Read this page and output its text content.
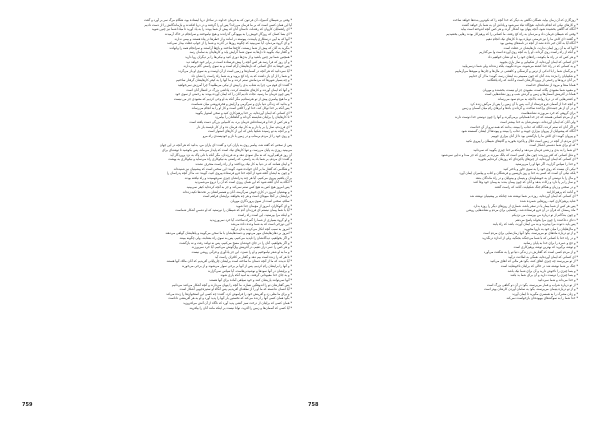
* وقتی بر شیطانِ آدمیزاد، آن فرعون که به فرمان خداوند در ساحلِ دریا ایستاده بود، هنگام مرگ سر بر آورد و گفت
آیا این همان کسی است که بر ما فرمان می‌راند؟ پس او را گرفتند و در دریا افکندند و بازماندگانش را از دست دادیم
* ای راهنمایان کاروان که رفته‌اند، داستانِ آنان که پیش از شما بودند را به یاد آورید تا مبادا شما نیز چنین شوید
* ای بسا کسان که روزگارِ خویش را به بیهودگی گذراندند و هیچ نیاموختند و سرانجام در خاک آرمیدند
* آنها که به آیین درستکاری پایبندند، پیوسته در امانند و از خطرها در پناه هستند و بیمی ندارند
* و ای گروه مردمان، آیا نمی‌بینید که چگونه روزها در گذرند و شما را از خوابِ غفلت بیدار نمی‌کنند
* بنگرید به آنان که پیش از شما زیستند، کاخ‌ها ساختند و باغ‌ها آراستند و سرانجام همه را وانهادند
* و گفتار نیک بگویید تا دل‌ها به سوی شما گرایش یابد و کارهایتان به سامان رسد
* همچنین شما نیز چنین باشید و از بدی‌ها دوری کنید و نیکی‌ها را بر دیگران روا دارید
* و آن روز که فرا رسد هر کس آنچه را پیش فرستاده است در برابر خود خواهد دید
* پس خوشا به حالِ کسانی که دل‌هایشان آرام است و به سوی راستی گام برمی‌دارند
* آیا نمی‌دانید که هر آنچه در آسمان‌ها و زمین است از آنِ اوست و به سوی او باز می‌گردد
* و شما را از آن باز داشت که به راه کج بروید و به شما راه راست را نشان داد
* و چه بسیار شهرها که مردمانش ستم کردند و ما آنها را به کیفرِ کارهایشان گرفتار ساختیم
* گفت: ای قوم من، چرا به شتاب بدی را پیش از نیکی می‌طلبید؟ چرا آمرزش نمی‌خواهید
* و آنها که ایمان آوردند و کارهای شایسته کردند، پاداشی بزرگ در انتظار آنان است
* پس چون فرمان ما رسید، نجات دادیم آنان را که ایمان آورده بودند به رحمتی از سوی خود
* و ما هیچ پیامبری پیش از تو نفرستادیم مگر آنکه به او وحی کردیم که معبودی جز من نیست
* و بدانید که زندگی دنیا بازی و سرگرمی و آرایش و فخرفروشی میان شماست
* پس آنکه بر خدا توکل کند، خدا او را کافی است و کار او را به انجام می‌رساند
* ای کسانی که ایمان آورده‌اید، بر خدا پرهیزکاری کنید و سخنِ استوار بگویید
* تا کارهایتان را برایتان شایسته گرداند و گناهانتان را بیامرزد
* و هر کس از خدا و فرستاده‌اش فرمان برد، به کامیابی بزرگی دست یافته است
* ای فرزندم، نماز را بر پا دار و به کار نیک فرمان ده و از کار ناپسند باز دار
* و بر آنچه به تو رسیده شکیبا باش که این از کارهای استوار است
* و روی خود را از مردم برمتاب و در زمین با ناز و خودپسندی راه مرو
پس از سخنی که گفته شد، پیامبر روی به یاران کرد و گفت: ای یاران من، بدانید که هر آنچه در این جهان
می‌بینید روزی به پایان می‌رسد، و تنها کارهای نیک است که پایدار می‌ماند. پس بکوشید تا توشه‌ای برای
آن روز فراهم آورید که نه مال سودی دهد و نه فرزندان، مگر آنکه با دلی پاک به نزد پروردگار آید
و گفت: ای مردم، بر شما باد به راستی، که راستی به نیکوکاری راه می‌نماید و نیکوکاری به بهشت
* و اینان همانند که در دنیا به کار نیک پرداختند و از راه راست منحرف نشدند
* و هنگامی که گفتار ما بر آنان خوانده شود، گویند: این سخنی است که پیشینیان نیز شنیده‌اند
* و چون به ایشان گفته شود از آنچه خدا فرو فرستاده پیروی کنید، گویند: نه، ما از آنچه پدرانمان را
بر آن یافتیم پیروی می‌کنیم. آیا هر چند پدرانشان چیزی نمی‌فهمیدند و راه نیافته بودند
* آنگاه به آنان گفته شود که این همان روزی است که آن را دروغ می‌شمردید
* پس امروز هیچ کس به هیچ کس ستم نمی‌کند و جز به آنچه کرده‌اید کیفر نمی‌بینید
* و بهشتیان امروز در کاری خوش سرگرمند، آنان و همسرانشان بر تخت‌ها تکیه زده‌اند
* برایشان در آنجا میوه‌ای است و هر چه بخواهند برایشان فراهم است
* سلام، سخنی است از سوی پروردگاری مهربان
* و ای گنهکاران، امروز از مؤمنان جدا شوید
* آیا با شما پیمان نبستم ای فرزندان آدم که شیطان را نپرستید که او دشمنِ آشکار شماست
* و اینکه مرا بپرستید، این است راه راست
* و او گروه بسیاری از شما را گمراه ساخت، آیا خرد نمی‌ورزیدید
* این دوزخی است که به شما وعده داده می‌شد
* امروز به سبب آنچه انکار می‌کردید بدان درآیید
* امروز بر دهان‌هایشان مهر می‌نهیم و دست‌هایشان با ما سخن می‌گویند و پاهایشان گواهی می‌دهند
* و اگر بخواهیم، دیدگانشان را ناپدید می‌کنیم، پس به سوی راه بشتابند، ولی چگونه ببینند
* و اگر بخواهیم، آنان را در جای خودشان مسخ می‌کنیم، پس نه توانند رفت و نه بازگشت
* و هر کس را عمر دراز دهیم، در آفرینش واژگونش می‌کنیم، آیا خرد نمی‌ورزند
* و ما به او شعر نیاموختیم و او را نسزد، این جز یادآوری و قرآنی روشن نیست
* تا هر که را زنده است بیم دهد و گفتار بر کافران راست آید
* آیا ندیدند که ما از آنچه دستان ما ساخته است برایشان چارپایانی آفریدیم که آنان مالک آنها هستند
* و آنها را برایشان رام کردیم، پس از آنها بر برخی سوار می‌شوند و از برخی می‌خورند
* و برایشان در آنها سودها و نوشیدنی‌هاست، آیا سپاس نمی‌گزارند
* و به جای خدا معبودانی گرفتند، به امید آنکه یاری شوند
* آنها نمی‌توانند یاریشان کنند و خود سپاهی آماده برای آنها هستند
* پس گفتارشان تو را اندوهگین نسازد، ما آنچه را پنهان می‌دارند و آنچه آشکار می‌کنند می‌دانیم
* آیا انسان ندانسته که ما او را از نطفه‌ای آفریدیم، پس آنگاه او ستیزه‌جویی آشکار است
* و برای ما مثلی زد و آفرینش خود را فراموش کرد، گفت: چه کسی این استخوان‌ها را زنده می‌کند
* بگو: همان کسی آنها را زنده می‌کند که نخستین بار آنها را پدید آورد و او به هر آفرینشی داناست
* همان کسی که برایتان از درخت سبز آتشی پدید آورد که ناگاه از آن آتش می‌افروزید
* آیا کسی که آسمان‌ها و زمین را آفرید، توانا نیست بر اینکه مانند آنان را بیافریند
759
* روزگاری که آن زمان بیاید، همگان نگاهی به دیگر که خدا آنچه را که نکوترین بنده‌ها خواهد ساخت
* و کارهای نیکی که انجام داده‌اید، هیچ‌گاه تباه نمی‌شود و پاداش آن به شما باز خواهد گشت
* آنگاه که آگاهی بخشیده شود، آنچه پنهان بود آشکار گردد و هر کس آنچه اندوخته است بیابد
* وقتی که شیطان فرمان داد و مردمان به راه کج رفتند، ما کسانی را که پرهیزکار بودند رهایی بخشیدیم
* و گفتند: ای کاش ما را نیز فرصتی دوباره بود تا کارهای نیک انجام دهیم
* آنگاه آیا به آنان خبر داده نشد از آنچه در نامه‌های پیشین بود
* آنها که به آن روز ایمان ندارند، دل‌هایشان در غفلت است
* و آنکه از راه راست روی گرداند، او را به آنچه روی آورده است وا می‌گذاریم
* و هر کس که در راه ما بکوشد، راه‌های خود را به او نشان خواهیم داد
* ای کسانی که ایمان آورده‌اید، از شکیبایی و نماز یاری بجویید
* و به کسانی که در راه خدا کشته می‌شوند، مرده نگویید، بلکه زنده‌اند ولی شما درنمی‌یابید
* و بی‌گمان شما را با اندکی از ترس و گرسنگی و کاهشی در مال‌ها و جان‌ها و میوه‌ها می‌آزماییم
* و شکیبایان را مژده بده، آنان که چون مصیبتی به ایشان رسد، گویند: ما از آنِ خداییم
* بر آنان درودها و رحمتی از پروردگارشان است و آنانند که راه یافتگانند
* همانا صفا و مروه از نشانه‌های خداست
* و معبود شما معبودی یگانه است، معبودی جز او نیست، بخشنده و مهربان
* همانا در آفرینش آسمان‌ها و زمین و گردش شب و روز نشانه‌هایی است
* و کشتی‌هایی که در دریا روانند با آنچه به مردم سود می‌رساند
* و آنچه خدا از آسمان فرو فرستاد از آب، پس با آن زمین را پس از مرگش زنده کرد
* و در آن از هر جنبنده‌ای پراکنده ساخت، و گرداندن بادها و ابرهای رام میان آسمان و زمین
* برای گروهی که خرد می‌ورزند نشانه‌هاست
* و از مردم کسانی هستند که جز خدا همتایانی برمی‌گیرند و آنها را چون دوستی خدا دوست دارند
* ولی آنان که ایمان آورده‌اند، دوستی‌شان به خدا بیشتر است
* و اگر آنان که ستم کردند، آنگاه که عذاب را ببینند، بدانند که همه نیرو از آنِ خداست
* آنگاه که پیشوایان از پیروان بیزاری جویند و عذاب را ببینند و پیوندها از ایشان گسسته شود
* و پیروان گویند: ای کاش ما را بازگشتی بود تا از آنان بیزاری جوییم
* ای مردم، از آنچه در زمین است حلال و پاکیزه بخورید و گام‌های شیطان را پیروی نکنید
* که او برای شما دشمنی آشکار است
* او شما را به بدی و زشتی فرمان می‌دهد و اینکه بر خدا چیزی بگویید که نمی‌دانید
* و مَثَلِ کسانی که کفر ورزیدند چون مثل کسی است که بانگ می‌زند بر چیزی که جز صدا و ندایی نمی‌شنود
* ای کسانی که ایمان آورده‌اید، از چیزهای پاکیزه‌ای که روزیتان کرده‌ایم بخورید
* و خدا را سپاس گزارید، اگر تنها او را می‌پرستید
* نیکی آن نیست که روی خود را به سوی خاور و باختر کنید
* بلکه نیکی آن است که کسی به خدا و روز بازپسین و فرشتگان و کتاب و پیامبران ایمان آورد
* و مال را با دوستی آن به خویشاوندان و یتیمان و بینوایان و در راه ماندگان بدهد
* و نماز را بر پا دارد و زکات بدهد و آنان که چون پیمان بندند به پیمان خود وفا کنند
* و در سختی و زیان و هنگام جنگ شکیبایند، آنانند که راست گفتند
* و آنانند که پرهیزکارانند
* ای کسانی که ایمان آورده‌اید، روزه بر شما نوشته شد چنانکه بر پیشینیان نوشته شد
* شاید پرهیزکاری کنید، روزهایی شمرده شده
* پس هر کس از شما بیمار یا در سفر باشد، شماری از روزهای دیگر را روزه بدارد
* ماه رمضان که قرآن در آن فرو فرستاده شد، راهنمایی برای مردم و نشانه‌هایی روشن
* و چون بندگانم از تو درباره من بپرسند، من نزدیکم
* دعای دعاکننده را چون مرا بخواند پاسخ می‌دهم
* پس باید دعوت مرا بپذیرند و به من ایمان آورند، باشد که راه یابند
* و مال‌هایتان را میان خود به ناروا مخورید
* و از تو درباره ماه‌های نو می‌پرسند، بگو: آنها زمان‌نمایی برای مردم است
* و در راه خدا با کسانی که با شما می‌جنگند بجنگید، ولی از اندازه درنگذرید
* و حج و عمره را برای خدا به پایان رسانید
* و توشه برگیرید که بهترین توشه پرهیزکاری است
* و از مردم کسی است که گفتارش در زندگی دنیا تو را به شگفت می‌آورد
* ای کسانی که ایمان آورده‌اید، همگی به اطاعت درآیید
* از تو می‌پرسند چه چیزی انفاق کنند، بگو: هر مالی که انفاق می‌کنید
* جنگ بر شما نوشته شد در حالی که برایتان ناخوشایند است
* و بسا چیزی را ناخوش دارید و آن برای شما نیک باشد
* و بسا چیزی را دوست دارید و آن برای شما بد باشد
* و خدا می‌داند و شما نمی‌دانید
* از تو درباره شراب و قمار می‌پرسند، بگو: در آن دو گناهی بزرگ است
* و از تو درباره یتیمان می‌پرسند، بگو: به سامان آوردن کارشان بهتر است
* و زنان مشرک را به همسری مگیرید تا ایمان آورند
* خدا شما را به سوگندهای بیهوده‌تان بازخواست نمی‌کند
758
